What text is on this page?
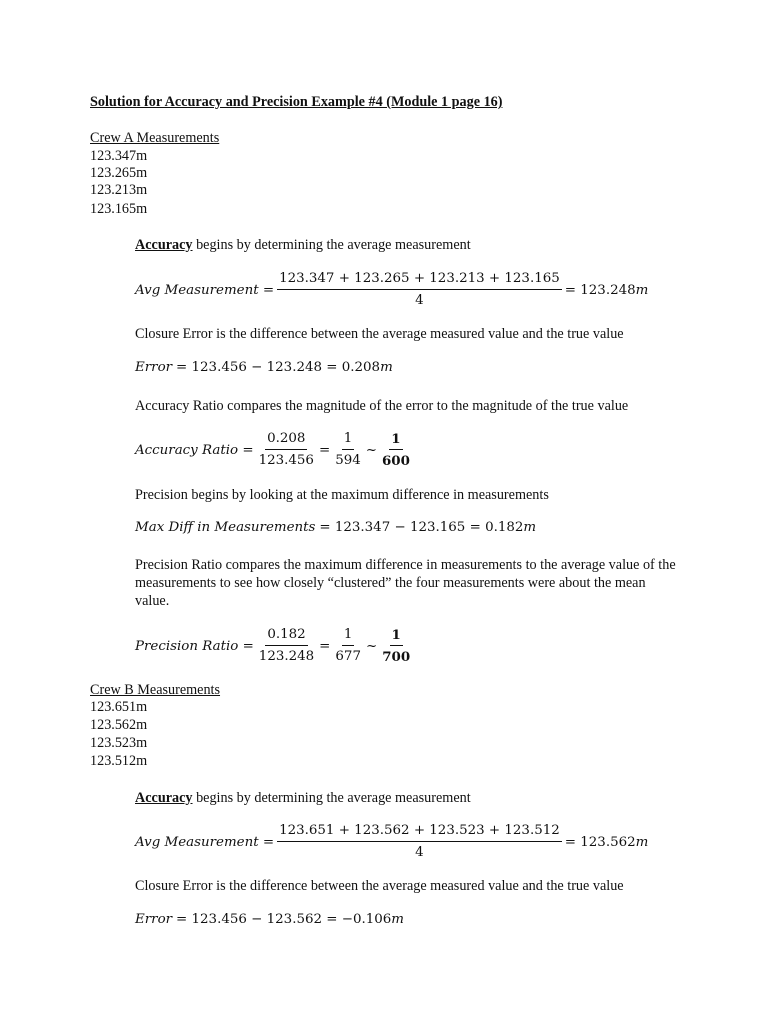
Solution for Accuracy and Precision Example #4 (Module 1 page 16)
Crew A Measurements
123.347m
123.265m
123.213m
123.165m
Accuracy begins by determining the average measurement
Avg Measurement = $\frac{123.347 + 123.265 + 123.213 + 123.165}{4} = 123.248$ m
Closure Error is the difference between the average measured value and the true value
Error = 123.456 − 123.248 = 0.208 m
Accuracy Ratio compares the magnitude of the error to the magnitude of the true value
Accuracy Ratio = $\frac{0.208}{123.456} = \frac{1}{594}$ ~ $\frac{1}{600}$
Precision begins by looking at the maximum difference in measurements
Max Diff in Measurements = 123.347 − 123.165 = 0.182 m
Precision Ratio compares the maximum difference in measurements to the average value of the measurements to see how closely “clustered” the four measurements were about the mean value.
Precision Ratio = $\frac{0.182}{123.248} = \frac{1}{677}$ ~ $\frac{1}{700}$
Crew B Measurements
123.651m
123.562m
123.523m
123.512m
Accuracy begins by determining the average measurement
Avg Measurement = $\frac{123.651 + 123.562 + 123.523 + 123.512}{4} = 123.562$ m
Closure Error is the difference between the average measured value and the true value
Error = 123.456 − 123.562 = −0.106 m
